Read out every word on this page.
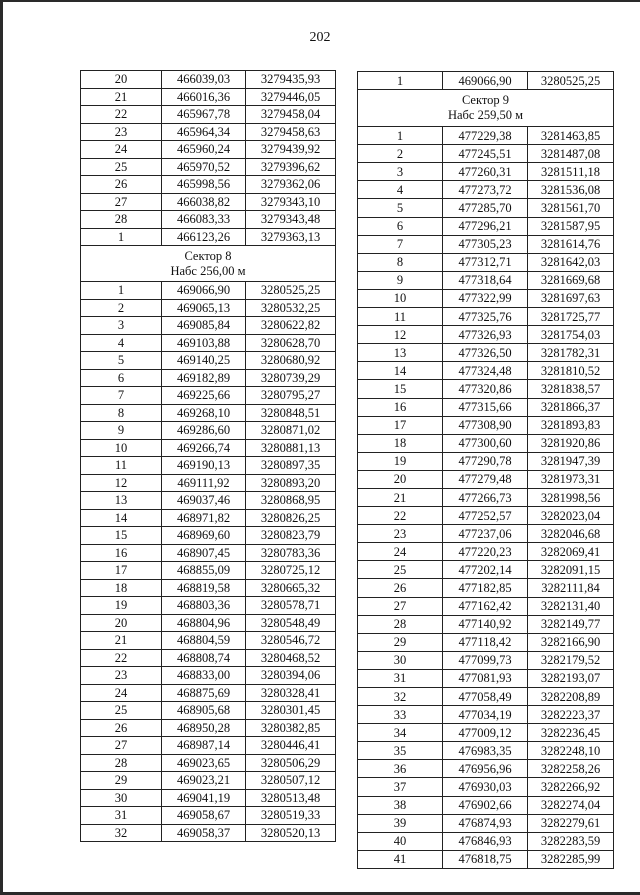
202
20	466039,03	3279435,93
21	466016,36	3279446,05
22	465967,78	3279458,04
23	465964,34	3279458,63
24	465960,24	3279439,92
25	465970,52	3279396,62
26	465998,56	3279362,06
27	466038,82	3279343,10
28	466083,33	3279343,48
1	466123,26	3279363,13

Сектор 8
Набс 256,00 м		

1	469066,90	3280525,25
2	469065,13	3280532,25
3	469085,84	3280622,82
4	469103,88	3280628,70
5	469140,25	3280680,92
6	469182,89	3280739,29
7	469225,66	3280795,27
8	469268,10	3280848,51
9	469286,60	3280871,02
10	469266,74	3280881,13
11	469190,13	3280897,35
12	469111,92	3280893,20
13	469037,46	3280868,95
14	468971,82	3280826,25
15	468969,60	3280823,79
16	468907,45	3280783,36
17	468855,09	3280725,12
18	468819,58	3280665,32
19	468803,36	3280578,71
20	468804,96	3280548,49
21	468804,59	3280546,72
22	468808,74	3280468,52
23	468833,00	3280394,06
24	468875,69	3280328,41
25	468905,68	3280301,45
26	468950,28	3280382,85
27	468987,14	3280446,41
28	469023,65	3280506,29
29	469023,21	3280507,12
30	469041,19	3280513,48
31	469058,67	3280519,33
32	469058,37	3280520,13
1	469066,90	3280525,25

Сектор 9
Набс 259,50 м		

1	477229,38	3281463,85
2	477245,51	3281487,08
3	477260,31	3281511,18
4	477273,72	3281536,08
5	477285,70	3281561,70
6	477296,21	3281587,95
7	477305,23	3281614,76
8	477312,71	3281642,03
9	477318,64	3281669,68
10	477322,99	3281697,63
11	477325,76	3281725,77
12	477326,93	3281754,03
13	477326,50	3281782,31
14	477324,48	3281810,52
15	477320,86	3281838,57
16	477315,66	3281866,37
17	477308,90	3281893,83
18	477300,60	3281920,86
19	477290,78	3281947,39
20	477279,48	3281973,31
21	477266,73	3281998,56
22	477252,57	3282023,04
23	477237,06	3282046,68
24	477220,23	3282069,41
25	477202,14	3282091,15
26	477182,85	3282111,84
27	477162,42	3282131,40
28	477140,92	3282149,77
29	477118,42	3282166,90
30	477099,73	3282179,52
31	477081,93	3282193,07
32	477058,49	3282208,89
33	477034,19	3282223,37
34	477009,12	3282236,45
35	476983,35	3282248,10
36	476956,96	3282258,26
37	476930,03	3282266,92
38	476902,66	3282274,04
39	476874,93	3282279,61
40	476846,93	3282283,59
41	476818,75	3282285,99
